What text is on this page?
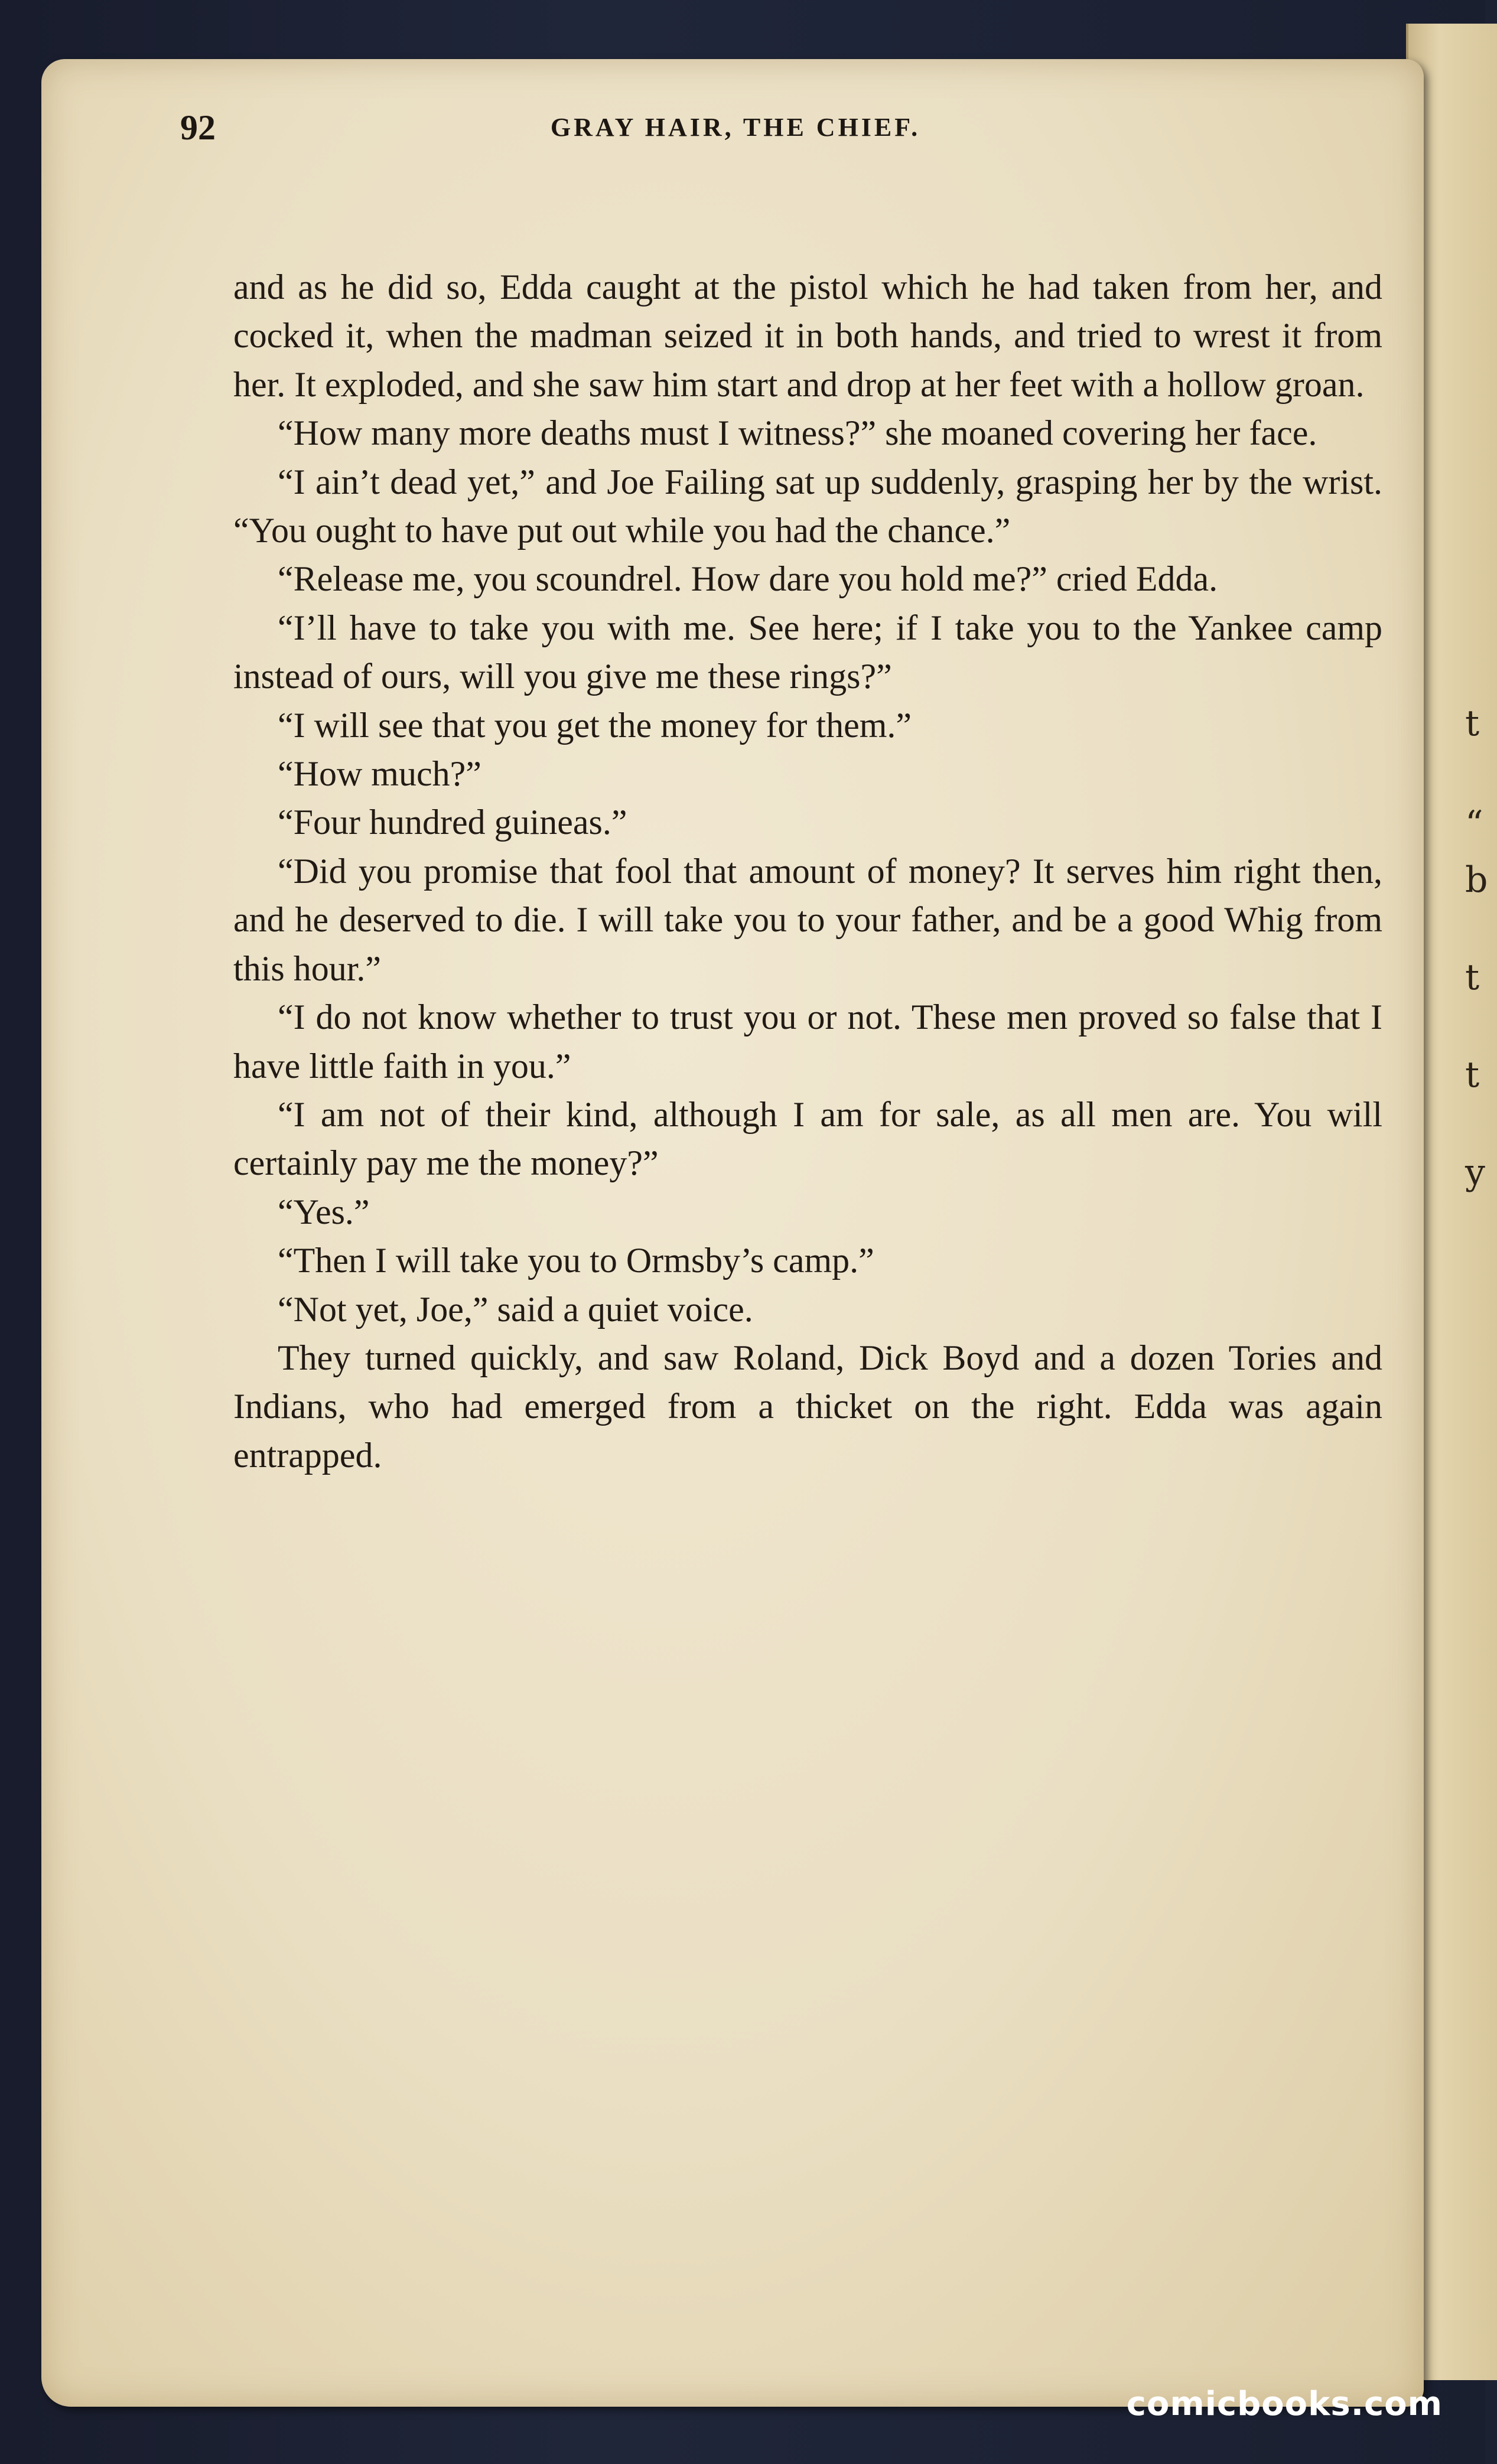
t
“
b
t
t
y
92	GRAY HAIR, THE CHIEF.

and as he did so, Edda caught at the pistol which he had taken from her, and cocked it, when the madman seized it in both hands, and tried to wrest it from her. It exploded, and she saw him start and drop at her feet with a hollow groan.

“How many more deaths must I witness?” she moaned covering her face.

“I ain’t dead yet,” and Joe Failing sat up suddenly, grasping her by the wrist. “You ought to have put out while you had the chance.”

“Release me, you scoundrel. How dare you hold me?” cried Edda.

“I’ll have to take you with me. See here; if I take you to the Yankee camp instead of ours, will you give me these rings?”

“I will see that you get the money for them.”

“How much?”

“Four hundred guineas.”

“Did you promise that fool that amount of money? It serves him right then, and he deserved to die. I will take you to your father, and be a good Whig from this hour.”

“I do not know whether to trust you or not. These men proved so false that I have little faith in you.”

“I am not of their kind, although I am for sale, as all men are. You will certainly pay me the money?”

“Yes.”

“Then I will take you to Ormsby’s camp.”

“Not yet, Joe,” said a quiet voice.

They turned quickly, and saw Roland, Dick Boyd and a dozen Tories and Indians, who had emerged from a thicket on the right. Edda was again entrapped.

comicbooks.com
